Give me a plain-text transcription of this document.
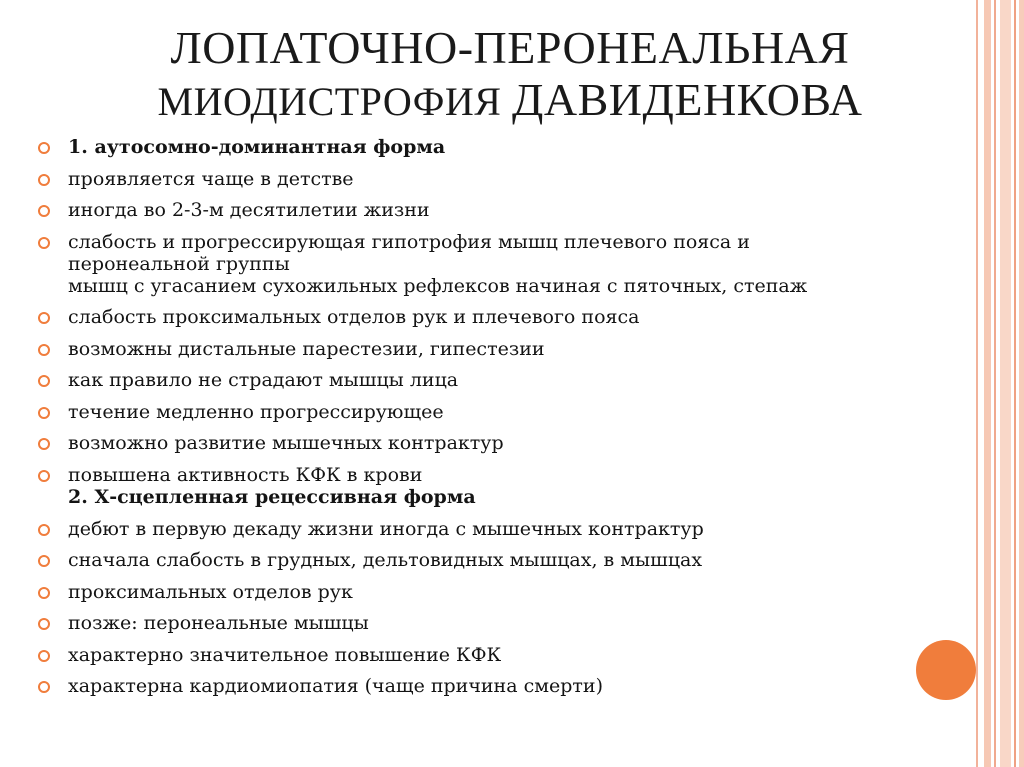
ЛОПАТОЧНО-ПЕРОНЕАЛЬНАЯ
МИОДИСТРОФИЯ ДАВИДЕНКОВА
1. аутосомно-доминантная форма
проявляется чаще в детстве
иногда во 2-3-м десятилетии жизни
слабость и прогрессирующая гипотрофия мышц плечевого пояса и
перонеальной группы
мышц с угасанием сухожильных рефлексов начиная с пяточных, степаж
слабость проксимальных отделов рук и плечевого пояса
возможны дистальные парестезии, гипестезии
как правило не страдают мышцы лица
течение медленно прогрессирующее
возможно развитие мышечных контрактур
повышена активность КФК в крови
2. Х-сцепленная рецессивная форма
дебют в первую декаду жизни иногда с мышечных контрактур
сначала слабость в грудных, дельтовидных мышцах, в мышцах
проксимальных отделов рук
позже: перонеальные мышцы
характерно значительное повышение КФК
характерна кардиомиопатия (чаще причина смерти)
